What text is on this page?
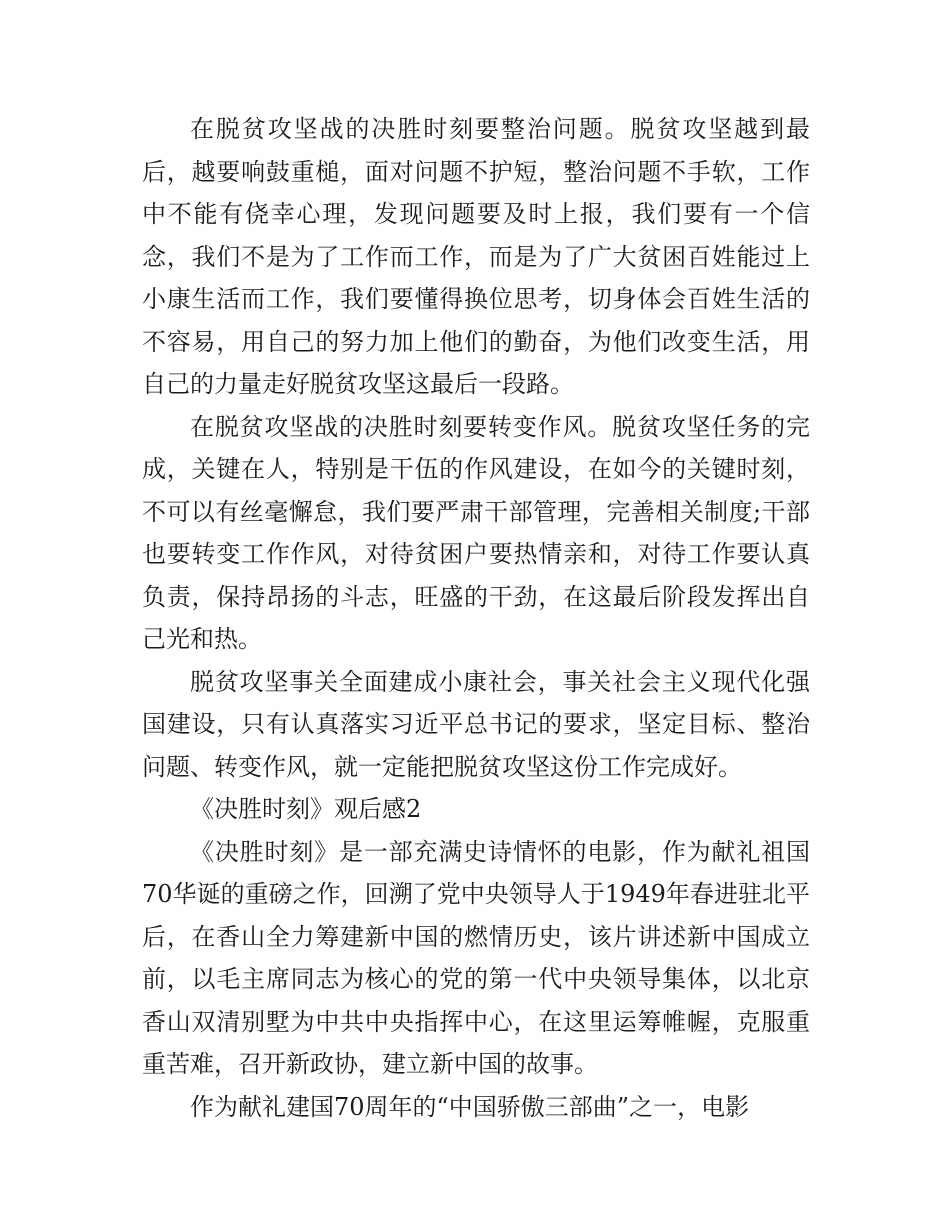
在脱贫攻坚战的决胜时刻要整治问题。脱贫攻坚越到最后，越要响鼓重槌，面对问题不护短，整治问题不手软，工作中不能有侥幸心理，发现问题要及时上报，我们要有一个信念，我们不是为了工作而工作，而是为了广大贫困百姓能过上小康生活而工作，我们要懂得换位思考，切身体会百姓生活的不容易，用自己的努力加上他们的勤奋，为他们改变生活，用自己的力量走好脱贫攻坚这最后一段路。

在脱贫攻坚战的决胜时刻要转变作风。脱贫攻坚任务的完成，关键在人，特别是干伍的作风建设，在如今的关键时刻，不可以有丝毫懈怠，我们要严肃干部管理，完善相关制度;干部也要转变工作作风，对待贫困户要热情亲和，对待工作要认真负责，保持昂扬的斗志，旺盛的干劲，在这最后阶段发挥出自己光和热。

脱贫攻坚事关全面建成小康社会，事关社会主义现代化强国建设，只有认真落实习近平总书记的要求，坚定目标、整治问题、转变作风，就一定能把脱贫攻坚这份工作完成好。

《决胜时刻》观后感2

《决胜时刻》是一部充满史诗情怀的电影，作为献礼祖国70华诞的重磅之作，回溯了党中央领导人于1949年春进驻北平后，在香山全力筹建新中国的燃情历史，该片讲述新中国成立前，以毛主席同志为核心的党的第一代中央领导集体，以北京香山双清别墅为中共中央指挥中心，在这里运筹帷幄，克服重重苦难，召开新政协，建立新中国的故事。

作为献礼建国70周年的“中国骄傲三部曲”之一，电影
